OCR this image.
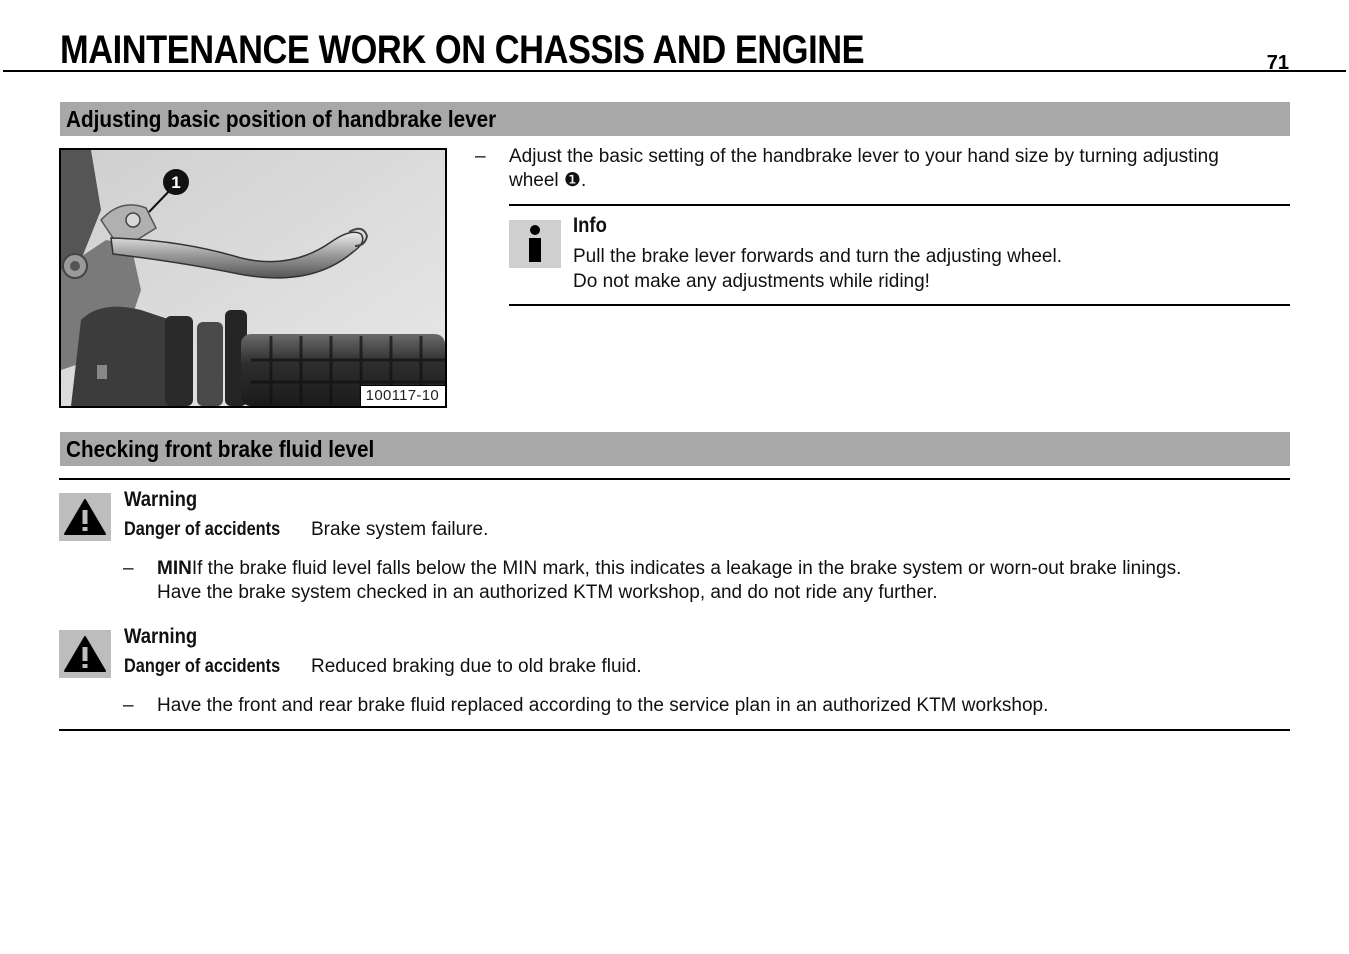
MAINTENANCE WORK ON CHASSIS AND ENGINE	71
Adjusting basic position of handbrake lever
1
100117-10
– Adjust the basic setting of the handbrake lever to your hand size by turning adjusting
wheel ❶.
Info
Pull the brake lever forwards and turn the adjusting wheel.
Do not make any adjustments while riding!
Checking front brake fluid level
Warning
Danger of accidents Brake system failure.
– MINIf the brake fluid level falls below the MIN mark, this indicates a leakage in the brake system or worn-out brake linings.
Have the brake system checked in an authorized KTM workshop, and do not ride any further.
Warning
Danger of accidents Reduced braking due to old brake fluid.
– Have the front and rear brake fluid replaced according to the service plan in an authorized KTM workshop.
